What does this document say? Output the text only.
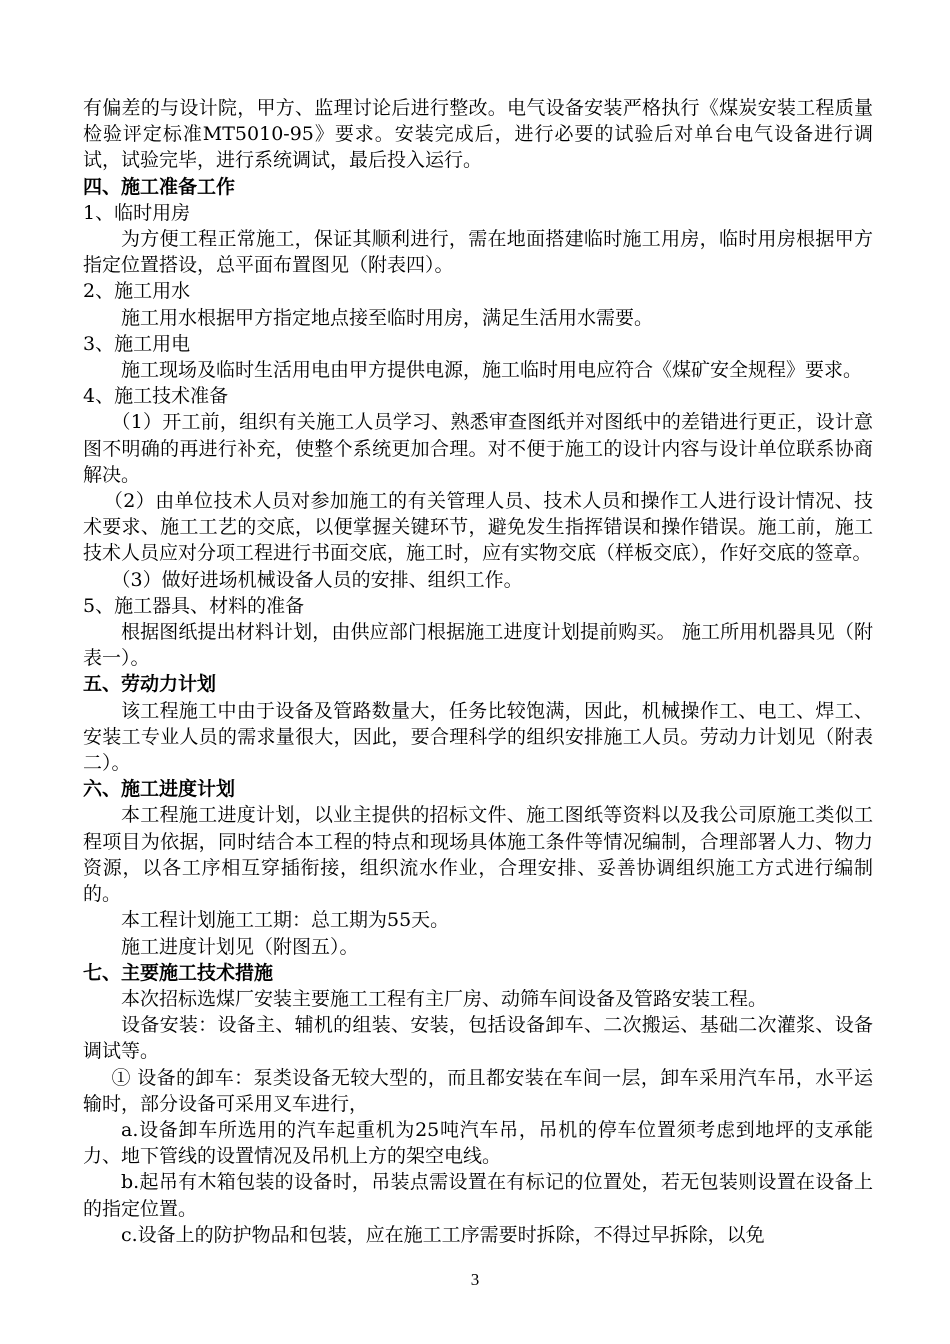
有偏差的与设计院，甲方、监理讨论后进行整改。电气设备安装严格执行《煤炭安装工程质量检验评定标准MT5010-95》要求。安装完成后，进行必要的试验后对单台电气设备进行调试，试验完毕，进行系统调试，最后投入运行。

四、施工准备工作

1、临时用房

为方便工程正常施工，保证其顺利进行，需在地面搭建临时施工用房，临时用房根据甲方指定位置搭设，总平面布置图见（附表四）。

2、施工用水

施工用水根据甲方指定地点接至临时用房，满足生活用水需要。

3、施工用电

施工现场及临时生活用电由甲方提供电源，施工临时用电应符合《煤矿安全规程》要求。

4、施工技术准备

（1）开工前，组织有关施工人员学习、熟悉审查图纸并对图纸中的差错进行更正，设计意图不明确的再进行补充，使整个系统更加合理。对不便于施工的设计内容与设计单位联系协商解决。

（2）由单位技术人员对参加施工的有关管理人员、技术人员和操作工人进行设计情况、技术要求、施工工艺的交底，以便掌握关键环节，避免发生指挥错误和操作错误。施工前，施工技术人员应对分项工程进行书面交底，施工时，应有实物交底（样板交底），作好交底的签章。

（3）做好进场机械设备人员的安排、组织工作。

5、施工器具、材料的准备

根据图纸提出材料计划，由供应部门根据施工进度计划提前购买。 施工所用机器具见（附表一）。

五、劳动力计划

该工程施工中由于设备及管路数量大，任务比较饱满，因此，机械操作工、电工、焊工、安装工专业人员的需求量很大，因此，要合理科学的组织安排施工人员。劳动力计划见（附表二）。

六、施工进度计划

本工程施工进度计划，以业主提供的招标文件、施工图纸等资料以及我公司原施工类似工程项目为依据，同时结合本工程的特点和现场具体施工条件等情况编制，合理部署人力、物力资源，以各工序相互穿插衔接，组织流水作业，合理安排、妥善协调组织施工方式进行编制的。

本工程计划施工工期：总工期为55天。

施工进度计划见（附图五）。

七、主要施工技术措施

本次招标选煤厂安装主要施工工程有主厂房、动筛车间设备及管路安装工程。

设备安装：设备主、辅机的组装、安装，包括设备卸车、二次搬运、基础二次灌浆、设备调试等。

① 设备的卸车：泵类设备无较大型的，而且都安装在车间一层，卸车采用汽车吊，水平运输时，部分设备可采用叉车进行，

a.设备卸车所选用的汽车起重机为25吨汽车吊，吊机的停车位置须考虑到地坪的支承能力、地下管线的设置情况及吊机上方的架空电线。

b.起吊有木箱包装的设备时，吊装点需设置在有标记的位置处，若无包装则设置在设备上的指定位置。

c.设备上的防护物品和包装，应在施工工序需要时拆除，不得过早拆除，以免

3
